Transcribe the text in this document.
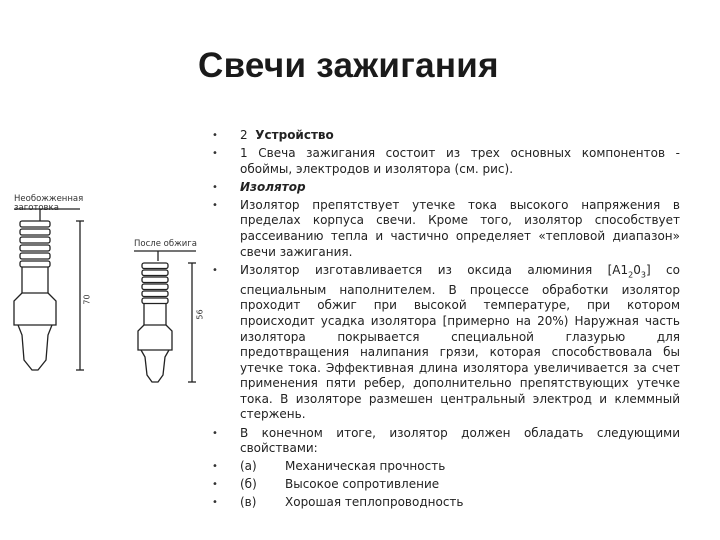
Свечи зажигания
Необожженная заготовка
После обжига
70
56
• 2 Устройство
• 1 Свеча зажигания состоит из трех основных компонентов - обоймы, электродов и изолятора (см. рис).
• Изолятор
• Изолятор препятствует утечке тока высокого напряжения в пределах корпуса свечи. Кроме того, изолятор способствует рассеиванию тепла и частично определяет «тепловой диапазон» свечи зажигания.
• Изолятор изготавливается из оксида алюминия $[A1_20_3]$ со специальным наполнителем. В процессе обработки изолятор проходит обжиг при высокой температуре, при котором происходит усадка изолятора [примерно на 20%) Наружная часть изолятора покрывается специальной глазурью для предотвращения налипания грязи, которая способствовала бы утечке тока. Эффективная длина изолятора увеличивается за счет применения пяти ребер, дополнительно препятствующих утечке тока. В изоляторе размешен центральный электрод и клеммный стержень.
• В конечном итоге, изолятор должен обладать следующими свойствами:
• (а) Механическая прочность
• (б) Высокое сопротивление
• (в) Хорошая теплопроводность
